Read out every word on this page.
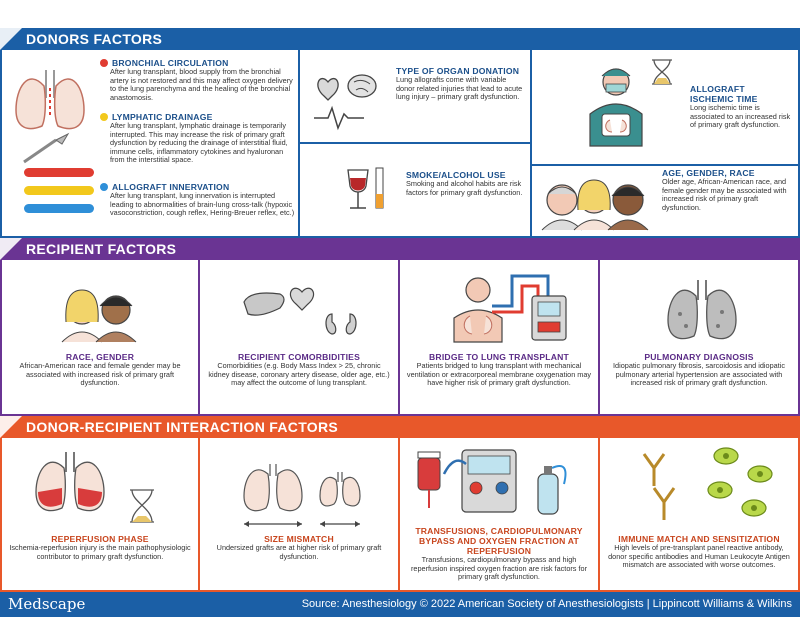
DONORS FACTORS
BRONCHIAL CIRCULATION
After lung transplant, blood supply from the bronchial artery is not restored and this may affect oxygen delivery to the lung parenchyma and the healing of the bronchial anastomosis.
LYMPHATIC DRAINAGE
After lung transplant, lymphatic drainage is temporarily interrupted. This may increase the risk of primary graft dysfunction by reducing the drainage of interstitial fluid, immune cells, inflammatory cytokines and hyaluronan from the interstitial space.
ALLOGRAFT INNERVATION
After lung transplant, lung innervation is interrupted leading to abnormalities of brain-lung cross-talk (hypoxic vasoconstriction, cough reflex, Hering-Breuer reflex, etc.)
TYPE OF ORGAN DONATION
Lung allografts come with variable donor related injuries that lead to acute lung injury – primary graft dysfunction.
SMOKE/ALCOHOL USE
Smoking and alcohol habits are risk factors for primary graft dysfunction.
ALLOGRAFT
ISCHEMIC TIME
Long ischemic time is associated to an increased risk of primary graft dysfunction.
AGE, GENDER, RACE
Older age, African-American race, and female gender may be associated with increased risk of primary graft dysfunction.
RECIPIENT FACTORS
RACE, GENDER
African-American race and female gender may be associated with increased risk of primary graft dysfunction.
RECIPIENT COMORBIDITIES
Comorbidities (e.g. Body Mass Index > 25, chronic kidney disease, coronary artery disease, older age, etc.) may affect the outcome of lung transplant.
BRIDGE TO LUNG TRANSPLANT
Patients bridged to lung transplant with mechanical ventilation or extracorporeal membrane oxygenation may have higher risk of primary graft dysfunction.
PULMONARY DIAGNOSIS
Idiopatic pulmonary fibrosis, sarcoidosis and idiopatic pulmonary arterial hypertension are associated with increased risk of primary graft dysfunction.
DONOR-RECIPIENT INTERACTION FACTORS
REPERFUSION PHASE
Ischemia-reperfusion injury is the main pathophysiologic contributor to primary graft dysfunction.
SIZE MISMATCH
Undersized grafts are at higher risk of primary graft dysfunction.
TRANSFUSIONS, CARDIOPULMONARY BYPASS AND OXYGEN FRACTION AT REPERFUSION
Transfusions, cardiopulmonary bypass and high reperfusion inspired oxygen fraction are risk factors for primary graft dysfunction.
IMMUNE MATCH AND SENSITIZATION
High levels of pre-transplant panel reactive antibody, donor specific antibodies and Human Leukocyte Antigen mismatch are associated with worse outcomes.
Medscape	Source: Anesthesiology © 2022 American Society of Anesthesiologists | Lippincott Williams & Wilkins
